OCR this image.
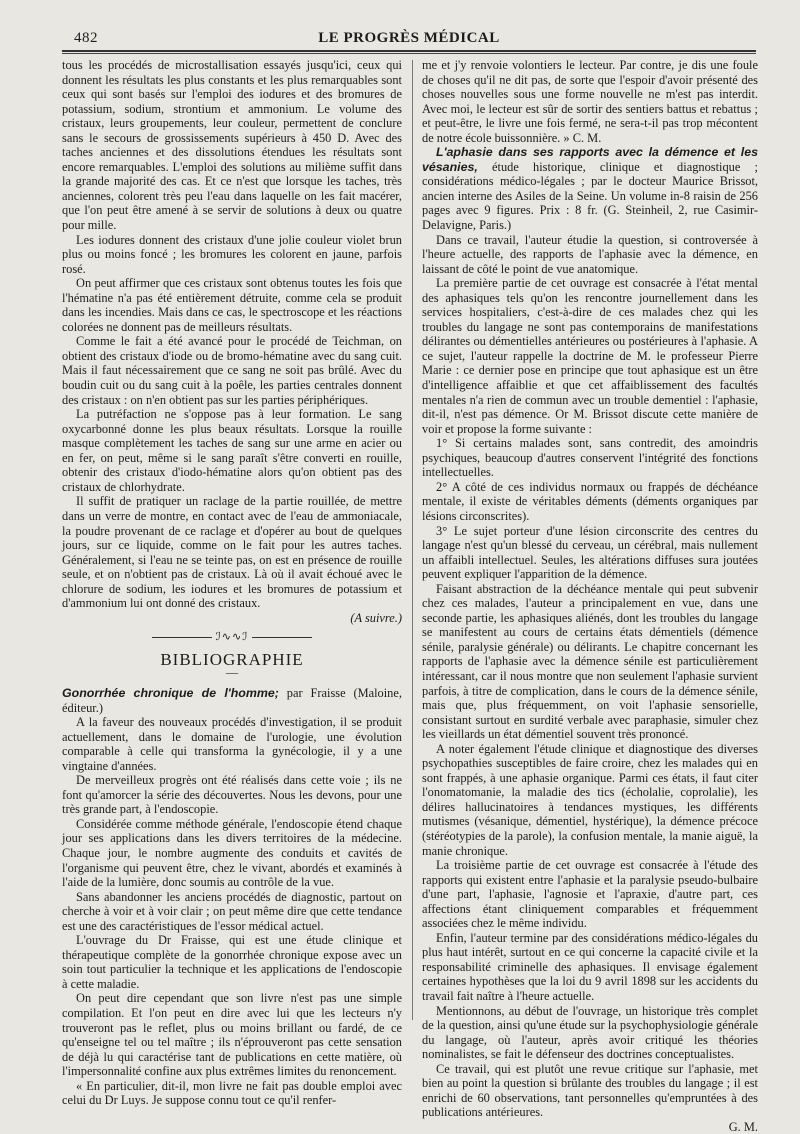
482	LE PROGRÈS MÉDICAL

tous les procédés de microstallisation essayés jusqu'ici, ceux qui donnent les résultats les plus constants et les plus remarquables sont ceux qui sont basés sur l'emploi des iodures et des bromures de potassium, sodium, strontium et ammonium. Le volume des cristaux, leurs groupements, leur couleur, permettent de conclure sans le secours de grossissements supérieurs à 450 D. Avec des taches anciennes et des dissolutions étendues les résultats sont encore remarquables. L'emploi des solutions au milième suffit dans la grande majorité des cas. Et ce n'est que lorsque les taches, très anciennes, colorent très peu l'eau dans laquelle on les fait macérer, que l'on peut être amené à se servir de solutions à deux ou quatre pour mille.

Les iodures donnent des cristaux d'une jolie couleur violet brun plus ou moins foncé ; les bromures les colorent en jaune, parfois rosé.

On peut affirmer que ces cristaux sont obtenus toutes les fois que l'hématine n'a pas été entièrement détruite, comme cela se produit dans les incendies. Mais dans ce cas, le spectroscope et les réactions colorées ne donnent pas de meilleurs résultats.

Comme le fait a été avancé pour le procédé de Teichman, on obtient des cristaux d'iode ou de bromo-hématine avec du sang cuit. Mais il faut nécessairement que ce sang ne soit pas brûlé. Avec du boudin cuit ou du sang cuit à la poêle, les parties centrales donnent des cristaux : on n'en obtient pas sur les parties périphériques.

La putréfaction ne s'oppose pas à leur formation. Le sang oxycarbonné donne les plus beaux résultats. Lorsque la rouille masque complètement les taches de sang sur une arme en acier ou en fer, on peut, même si le sang paraît s'être converti en rouille, obtenir des cristaux d'iodo-hématine alors qu'on obtient pas des cristaux de chlorhydrate.

Il suffit de pratiquer un raclage de la partie rouillée, de mettre dans un verre de montre, en contact avec de l'eau de ammoniacale, la poudre provenant de ce raclage et d'opérer au bout de quelques jours, sur ce liquide, comme on le fait pour les autres taches. Généralement, si l'eau ne se teinte pas, on est en présence de rouille seule, et on n'obtient pas de cristaux. Là où il avait échoué avec le chlorure de sodium, les iodures et les bromures de potassium et d'ammonium lui ont donné des cristaux.

(A suivre.)
ℐ∿∿ℐ
BIBLIOGRAPHIE
—

Gonorrhée chronique de l'homme; par Fraisse (Maloine, éditeur.)

A la faveur des nouveaux procédés d'investigation, il se produit actuellement, dans le domaine de l'urologie, une évolution comparable à celle qui transforma la gynécologie, il y a une vingtaine d'années.

De merveilleux progrès ont été réalisés dans cette voie ; ils ne font qu'amorcer la série des découvertes. Nous les devons, pour une très grande part, à l'endoscopie.

Considérée comme méthode générale, l'endoscopie étend chaque jour ses applications dans les divers territoires de la médecine. Chaque jour, le nombre augmente des conduits et cavités de l'organisme qui peuvent être, chez le vivant, abordés et examinés à l'aide de la lumière, donc soumis au contrôle de la vue.

Sans abandonner les anciens procédés de diagnostic, partout on cherche à voir et à voir clair ; on peut même dire que cette tendance est une des caractéristiques de l'essor médical actuel.

L'ouvrage du Dr Fraisse, qui est une étude clinique et thérapeutique complète de la gonorrhée chronique expose avec un soin tout particulier la technique et les applications de l'endoscopie à cette maladie.

On peut dire cependant que son livre n'est pas une simple compilation. Et l'on peut en dire avec lui que les lecteurs n'y trouveront pas le reflet, plus ou moins brillant ou fardé, de ce qu'enseigne tel ou tel maître ; ils n'éprouveront pas cette sensation de déjà lu qui caractérise tant de publications en cette matière, où l'impersonnalité confine aux plus extrêmes limites du renoncement.

« En particulier, dit-il, mon livre ne fait pas double emploi avec celui du Dr Luys. Je suppose connu tout ce qu'il renfer-

me et j'y renvoie volontiers le lecteur. Par contre, je dis une foule de choses qu'il ne dit pas, de sorte que l'espoir d'avoir présenté des choses nouvelles sous une forme nouvelle ne m'est pas interdit. Avec moi, le lecteur est sûr de sortir des sentiers battus et rebattus ; et peut-être, le livre une fois fermé, ne sera-t-il pas trop mécontent de notre école buissonnière. » C. M.

L'aphasie dans ses rapports avec la démence et les vésanies, étude historique, clinique et diagnostique ; considérations médico-légales ; par le docteur Maurice Brissot, ancien interne des Asiles de la Seine. Un volume in-8 raisin de 256 pages avec 9 figures. Prix : 8 fr. (G. Steinheil, 2, rue Casimir-Delavigne, Paris.)

Dans ce travail, l'auteur étudie la question, si controversée à l'heure actuelle, des rapports de l'aphasie avec la démence, en laissant de côté le point de vue anatomique.

La première partie de cet ouvrage est consacrée à l'état mental des aphasiques tels qu'on les rencontre journellement dans les services hospitaliers, c'est-à-dire de ces malades chez qui les troubles du langage ne sont pas contemporains de manifestations délirantes ou démentielles antérieures ou postérieures à l'aphasie. A ce sujet, l'auteur rappelle la doctrine de M. le professeur Pierre Marie : ce dernier pose en principe que tout aphasique est un être d'intelligence affaiblie et que cet affaiblissement des facultés mentales n'a rien de commun avec un trouble dementiel : l'aphasie, dit-il, n'est pas démence. Or M. Brissot discute cette manière de voir et propose la forme suivante :

1° Si certains malades sont, sans contredit, des amoindris psychiques, beaucoup d'autres conservent l'intégrité des fonctions intellectuelles.

2° A côté de ces individus normaux ou frappés de déchéance mentale, il existe de véritables déments (déments organiques par lésions circonscrites).

3° Le sujet porteur d'une lésion circonscrite des centres du langage n'est qu'un blessé du cerveau, un cérébral, mais nullement un affaibli intellectuel. Seules, les altérations diffuses sura joutées peuvent expliquer l'apparition de la démence.

Faisant abstraction de la déchéance mentale qui peut subvenir chez ces malades, l'auteur a principalement en vue, dans une seconde partie, les aphasiques aliénés, dont les troubles du langage se manifestent au cours de certains états démentiels (démence sénile, paralysie générale) ou délirants. Le chapitre concernant les rapports de l'aphasie avec la démence sénile est particulièrement intéressant, car il nous montre que non seulement l'aphasie survient parfois, à titre de complication, dans le cours de la démence sénile, mais que, plus fréquemment, on voit l'aphasie sensorielle, consistant surtout en surdité verbale avec paraphasie, simuler chez les vieillards un état démentiel souvent très prononcé.

A noter également l'étude clinique et diagnostique des diverses psychopathies susceptibles de faire croire, chez les malades qui en sont frappés, à une aphasie organique. Parmi ces états, il faut citer l'onomatomanie, la maladie des tics (écholalie, coprolalie), les délires hallucinatoires à tendances mystiques, les différents mutismes (vésanique, démentiel, hystérique), la démence précoce (stéréotypies de la parole), la confusion mentale, la manie aiguë, la manie chronique.

La troisième partie de cet ouvrage est consacrée à l'étude des rapports qui existent entre l'aphasie et la paralysie pseudo-bulbaire d'une part, l'aphasie, l'agnosie et l'apraxie, d'autre part, ces affections étant cliniquement comparables et fréquemment associées chez le même individu.

Enfin, l'auteur termine par des considérations médico-légales du plus haut intérêt, surtout en ce qui concerne la capacité civile et la responsabilité criminelle des aphasiques. Il envisage également certaines hypothèses que la loi du 9 avril 1898 sur les accidents du travail fait naître à l'heure actuelle.

Mentionnons, au début de l'ouvrage, un historique très complet de la question, ainsi qu'une étude sur la psychophysiologie générale du langage, où l'auteur, après avoir critiqué les théories nominalistes, se fait le défenseur des doctrines conceptualistes.

Ce travail, qui est plutôt une revue critique sur l'aphasie, met bien au point la question si brûlante des troubles du langage ; il est enrichi de 60 observations, tant personnelles qu'empruntées à des publications antérieures.

G. M.
